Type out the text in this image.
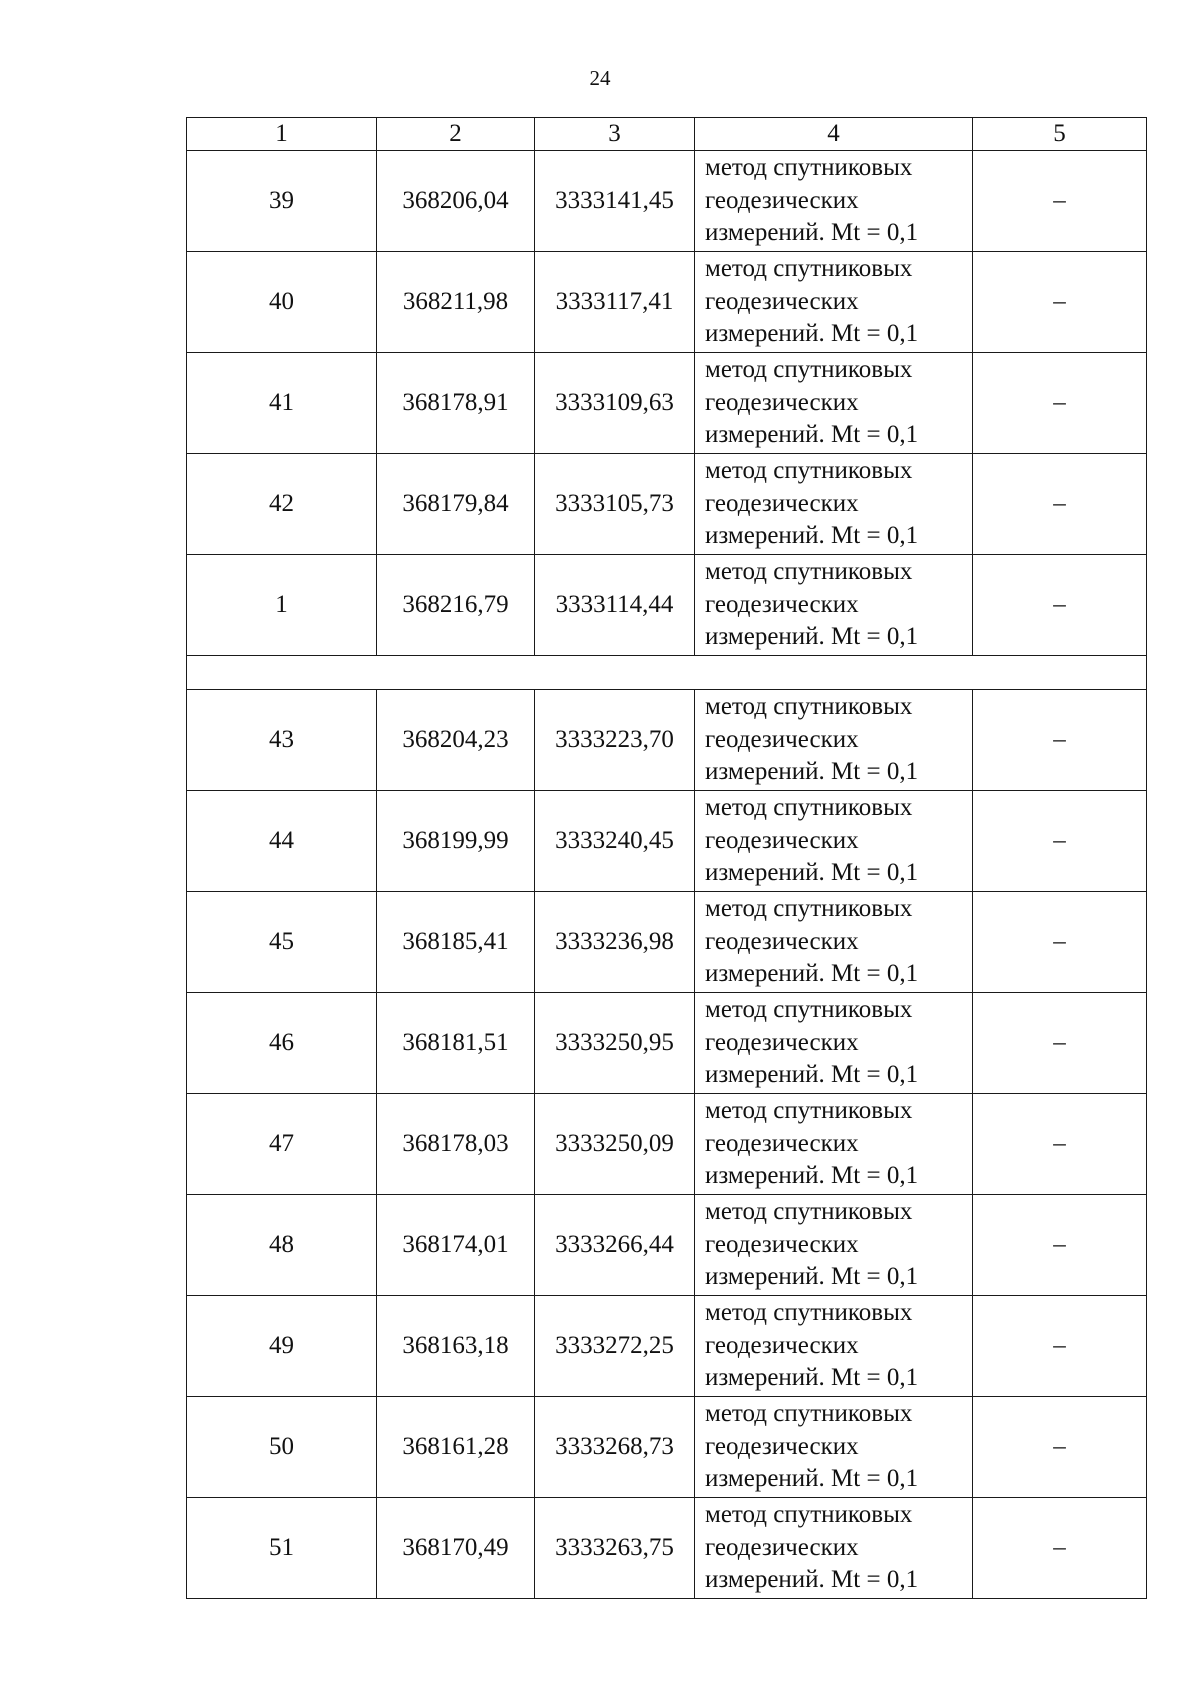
24
1	2	3	4	5
39	368206,04	3333141,45	метод спутниковых
геодезических
измерений. Mt = 0,1	–
40	368211,98	3333117,41	метод спутниковых
геодезических
измерений. Mt = 0,1	–
41	368178,91	3333109,63	метод спутниковых
геодезических
измерений. Mt = 0,1	–
42	368179,84	3333105,73	метод спутниковых
геодезических
измерений. Mt = 0,1	–
1	368216,79	3333114,44	метод спутниковых
геодезических
измерений. Mt = 0,1	–

43	368204,23	3333223,70	метод спутниковых
геодезических
измерений. Mt = 0,1	–
44	368199,99	3333240,45	метод спутниковых
геодезических
измерений. Mt = 0,1	–
45	368185,41	3333236,98	метод спутниковых
геодезических
измерений. Mt = 0,1	–
46	368181,51	3333250,95	метод спутниковых
геодезических
измерений. Mt = 0,1	–
47	368178,03	3333250,09	метод спутниковых
геодезических
измерений. Mt = 0,1	–
48	368174,01	3333266,44	метод спутниковых
геодезических
измерений. Mt = 0,1	–
49	368163,18	3333272,25	метод спутниковых
геодезических
измерений. Mt = 0,1	–
50	368161,28	3333268,73	метод спутниковых
геодезических
измерений. Mt = 0,1	–
51	368170,49	3333263,75	метод спутниковых
геодезических
измерений. Mt = 0,1	–
